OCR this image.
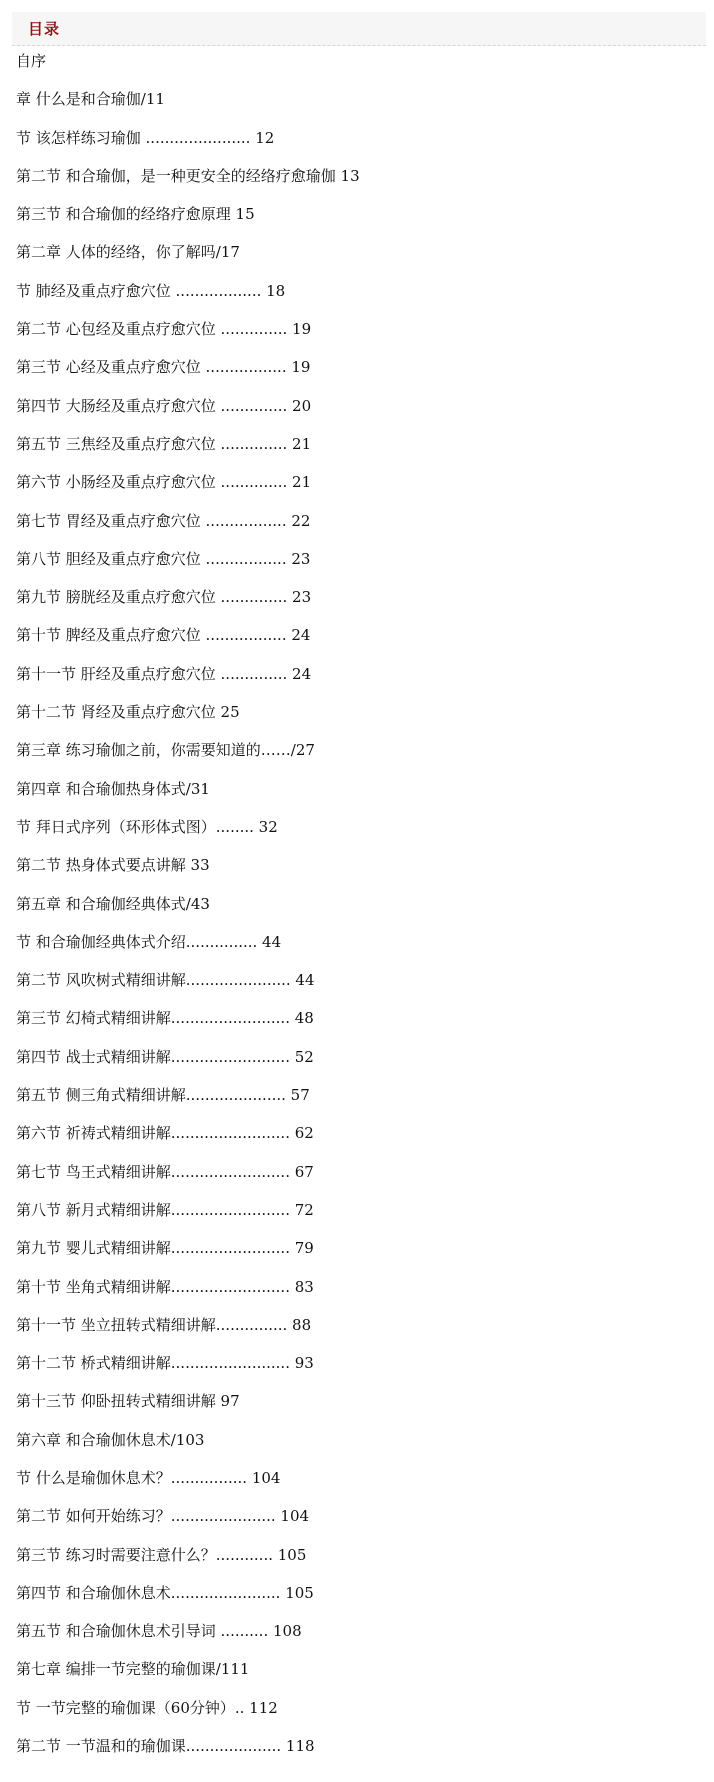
目录
自序
章 什么是和合瑜伽/11
节 该怎样练习瑜伽 ...................... 12
第二节 和合瑜伽，是一种更安全的经络疗愈瑜伽 13
第三节 和合瑜伽的经络疗愈原理 15
第二章 人体的经络，你了解吗/17
节 肺经及重点疗愈穴位 .................. 18
第二节 心包经及重点疗愈穴位 .............. 19
第三节 心经及重点疗愈穴位 ................. 19
第四节 大肠经及重点疗愈穴位 .............. 20
第五节 三焦经及重点疗愈穴位 .............. 21
第六节 小肠经及重点疗愈穴位 .............. 21
第七节 胃经及重点疗愈穴位 ................. 22
第八节 胆经及重点疗愈穴位 ................. 23
第九节 膀胱经及重点疗愈穴位 .............. 23
第十节 脾经及重点疗愈穴位 ................. 24
第十一节 肝经及重点疗愈穴位 .............. 24
第十二节 肾经及重点疗愈穴位 25
第三章 练习瑜伽之前，你需要知道的……/27
第四章 和合瑜伽热身体式/31
节 拜日式序列（环形体式图）........ 32
第二节 热身体式要点讲解 33
第五章 和合瑜伽经典体式/43
节 和合瑜伽经典体式介绍............... 44
第二节 风吹树式精细讲解...................... 44
第三节 幻椅式精细讲解......................... 48
第四节 战士式精细讲解......................... 52
第五节 侧三角式精细讲解..................... 57
第六节 祈祷式精细讲解......................... 62
第七节 鸟王式精细讲解......................... 67
第八节 新月式精细讲解......................... 72
第九节 婴儿式精细讲解......................... 79
第十节 坐角式精细讲解......................... 83
第十一节 坐立扭转式精细讲解............... 88
第十二节 桥式精细讲解......................... 93
第十三节 仰卧扭转式精细讲解 97
第六章 和合瑜伽休息术/103
节 什么是瑜伽休息术？................ 104
第二节 如何开始练习？...................... 104
第三节 练习时需要注意什么？............ 105
第四节 和合瑜伽休息术....................... 105
第五节 和合瑜伽休息术引导词 .......... 108
第七章 编排一节完整的瑜伽课/111
节 一节完整的瑜伽课（60分钟）.. 112
第二节 一节温和的瑜伽课.................... 118
